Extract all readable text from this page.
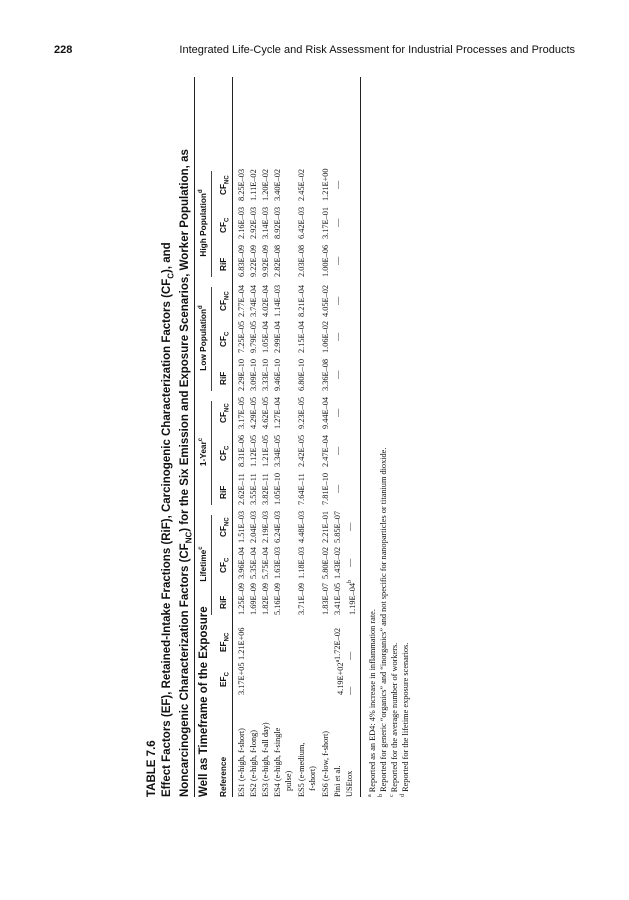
228	Integrated Life-Cycle and Risk Assessment for Industrial Processes and Products
TABLE 7.6 Effect Factors (EF), Retained-Intake Fractions (RiF), Carcinogenic Characterization Factors $(CF_C)$, and Noncarcinogenic Characterization Factors $(CF_{NC})$ for the Six Emission and Exposure Scenarios, Worker Population, as Well as Timeframe of the Exposure
Lifetime$^c$
1-Year$^c$
Low Population$^d$
High Population$^d$
Reference
$EF_C$
$EF_{NC}$
RiF
$CF_C$
$CF_{NC}$
RiF
$CF_C$
$CF_{NC}$
RiF
$CF_C$
$CF_{NC}$
RiF
$CF_C$
$CF_{NC}$
ES1 (e-high, f-short)
3.17E+05
1.21E+06
1.25E–09
3.96E–04
1.51E–03
2.62E–11
8.31E–06
3.17E–05
2.29E–10
7.25E–05
2.77E–04
6.83E–09
2.16E–03
8.25E–03
ES2 (e-high, f-long)
1.69E–09
5.35E–04
2.04E–03
3.55E–11
1.12E–05
4.29E–05
3.09E–10
9.79E–05
3.74E–04
9.22E–09
2.92E–03
1.11E–02
ES3 (e-high, f-all day)
1.82E–09
5.75E–04
2.19E–03
3.82E–11
1.21E–05
4.62E–05
3.33E–10
1.05E–04
4.02E–04
9.92E–09
3.14E–03
1.20E–02
ES4 (e-high, f-single pulse)
5.16E–09
1.63E–03
6.24E–03
1.05E–10
3.34E–05
1.27E–04
9.46E–10
2.99E–04
1.14E–03
2.82E–08
8.92E–03
3.40E–02
ES5 (e-medium, f-short)
3.71E–09
1.18E–03
4.48E–03
7.64E–11
2.42E–05
9.23E–05
6.80E–10
2.15E–04
8.21E–04
2.03E–08
6.42E–03
2.45E–02
ES6 (e-low, f-short)
1.83E–07
5.80E–02
2.21E–01
7.81E–10
2.47E–04
9.44E–04
3.36E–08
1.06E–02
4.05E–02
1.00E–06
3.17E–01
1.21E+00
Pini et al.
$4.19E+02^a$
1.72E–02
3.41E–05
1.43E–02
5.85E–07
—
—
—
—
—
—
—
—
—
USEtox
—
—
1.19E–04$^b$
—
—
$^a$ Reported as an ED4: 4% increase in inflammation rate.
$^b$ Reported for generic “organics” and “inorganics” and not specific for nanoparticles or titanium dioxide.
$^c$ Reported for the average number of workers.
$^d$ Reported for the lifetime exposure scenarios.
